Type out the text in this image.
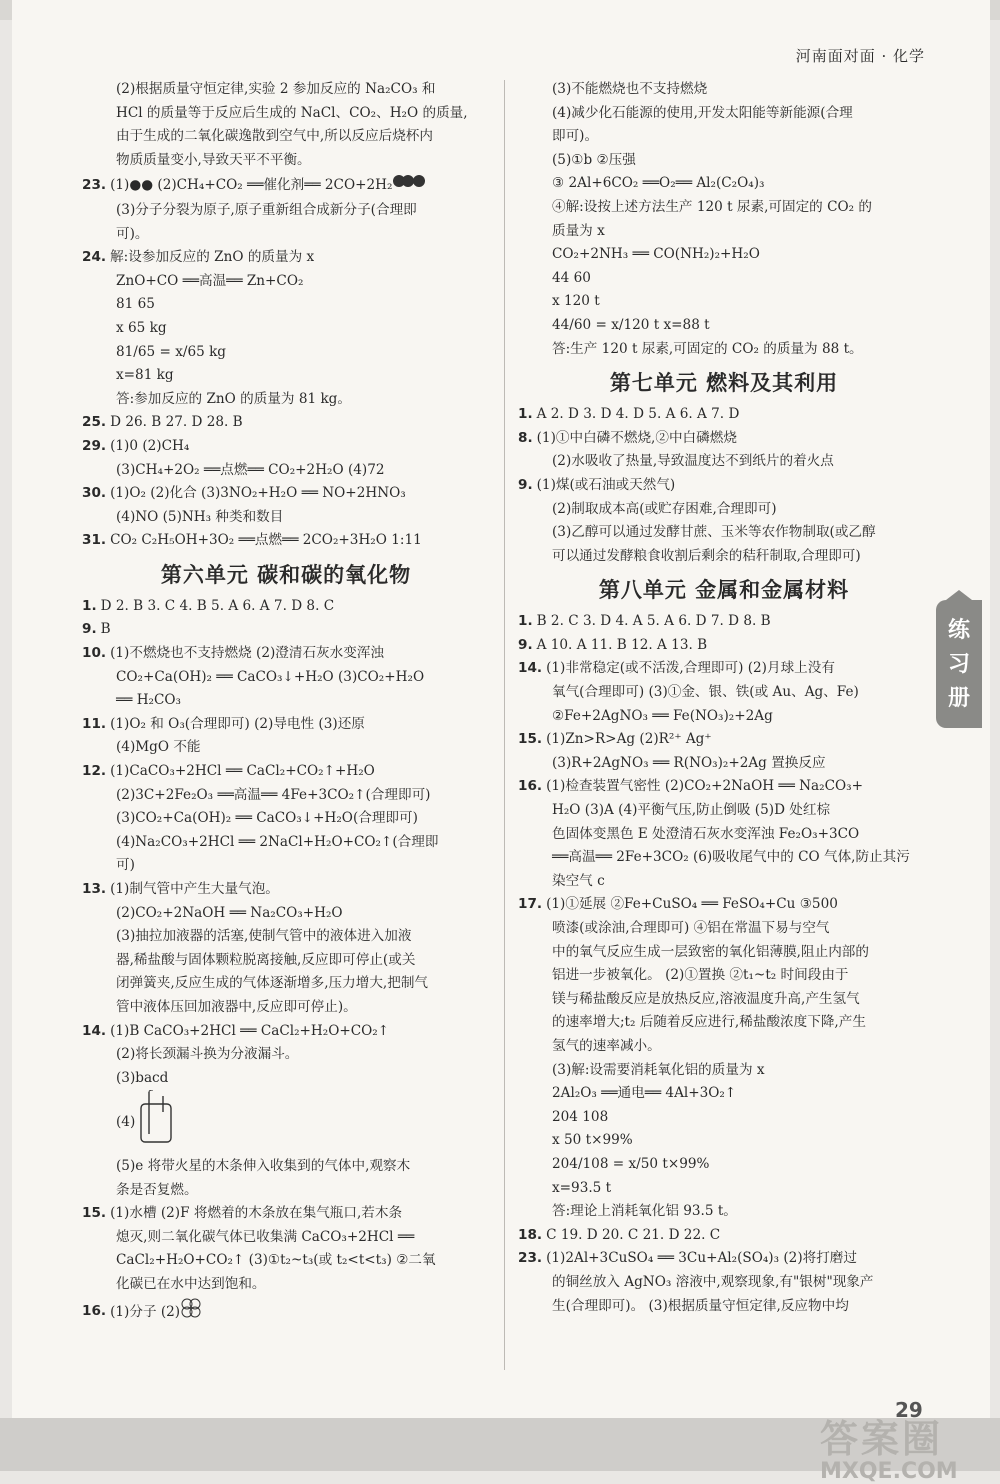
河南面对面 · 化学
(2)根据质量守恒定律,实验 2 参加反应的 Na₂CO₃ 和
HCl 的质量等于反应后生成的 NaCl、CO₂、H₂O 的质量,
由于生成的二氧化碳逸散到空气中,所以反应后烧杯内
物质质量变小,导致天平不平衡。
23. (1)●● (2)CH₄+CO₂ ══催化剂══ 2CO+2H₂
(3)分子分裂为原子,原子重新组合成新分子(合理即
可)。
24. 解:设参加反应的 ZnO 的质量为 x
ZnO+CO ══高温══ Zn+CO₂
81 65
x 65 kg
81/65 = x/65 kg
x=81 kg
答:参加反应的 ZnO 的质量为 81 kg。
25. D 26. B 27. D 28. B
29. (1)0 (2)CH₄
(3)CH₄+2O₂ ══点燃══ CO₂+2H₂O (4)72
30. (1)O₂ (2)化合 (3)3NO₂+H₂O ══ NO+2HNO₃
(4)NO (5)NH₃ 种类和数目
31. CO₂ C₂H₅OH+3O₂ ══点燃══ 2CO₂+3H₂O 1:11
第六单元 碳和碳的氧化物
1. D 2. B 3. C 4. B 5. A 6. A 7. D 8. C
9. B
10. (1)不燃烧也不支持燃烧 (2)澄清石灰水变浑浊
CO₂+Ca(OH)₂ ══ CaCO₃↓+H₂O (3)CO₂+H₂O
══ H₂CO₃
11. (1)O₂ 和 O₃(合理即可) (2)导电性 (3)还原
(4)MgO 不能
12. (1)CaCO₃+2HCl ══ CaCl₂+CO₂↑+H₂O
(2)3C+2Fe₂O₃ ══高温══ 4Fe+3CO₂↑(合理即可)
(3)CO₂+Ca(OH)₂ ══ CaCO₃↓+H₂O(合理即可)
(4)Na₂CO₃+2HCl ══ 2NaCl+H₂O+CO₂↑(合理即
可)
13. (1)制气管中产生大量气泡。
(2)CO₂+2NaOH ══ Na₂CO₃+H₂O
(3)抽拉加液器的活塞,使制气管中的液体进入加液
器,稀盐酸与固体颗粒脱离接触,反应即可停止(或关
闭弹簧夹,反应生成的气体逐渐增多,压力增大,把制气
管中液体压回加液器中,反应即可停止)。
14. (1)B CaCO₃+2HCl ══ CaCl₂+H₂O+CO₂↑
(2)将长颈漏斗换为分液漏斗。
(3)bacd
(4)
(5)e 将带火星的木条伸入收集到的气体中,观察木
条是否复燃。
15. (1)水槽 (2)F 将燃着的木条放在集气瓶口,若木条
熄灭,则二氧化碳气体已收集满 CaCO₃+2HCl ══
CaCl₂+H₂O+CO₂↑ (3)①t₂~t₃(或 t₂<t<t₃) ②二氧
化碳已在水中达到饱和。
16. (1)分子 (2)
(3)不能燃烧也不支持燃烧
(4)减少化石能源的使用,开发太阳能等新能源(合理
即可)。
(5)①b ②压强
③ 2Al+6CO₂ ══O₂══ Al₂(C₂O₄)₃
④解:设按上述方法生产 120 t 尿素,可固定的 CO₂ 的
质量为 x
CO₂+2NH₃ ══ CO(NH₂)₂+H₂O
44 60
x 120 t
44/60 = x/120 t x=88 t
答:生产 120 t 尿素,可固定的 CO₂ 的质量为 88 t。
第七单元 燃料及其利用
1. A 2. D 3. D 4. D 5. A 6. A 7. D
8. (1)①中白磷不燃烧,②中白磷燃烧
(2)水吸收了热量,导致温度达不到纸片的着火点
9. (1)煤(或石油或天然气)
(2)制取成本高(或贮存困难,合理即可)
(3)乙醇可以通过发酵甘蔗、玉米等农作物制取(或乙醇
可以通过发酵粮食收割后剩余的秸秆制取,合理即可)
第八单元 金属和金属材料
1. B 2. C 3. D 4. A 5. A 6. D 7. D 8. B
9. A 10. A 11. B 12. A 13. B
14. (1)非常稳定(或不活泼,合理即可) (2)月球上没有
氧气(合理即可) (3)①金、银、铁(或 Au、Ag、Fe)
②Fe+2AgNO₃ ══ Fe(NO₃)₂+2Ag
15. (1)Zn>R>Ag (2)R²⁺ Ag⁺
(3)R+2AgNO₃ ══ R(NO₃)₂+2Ag 置换反应
16. (1)检查装置气密性 (2)CO₂+2NaOH ══ Na₂CO₃+
H₂O (3)A (4)平衡气压,防止倒吸 (5)D 处红棕
色固体变黑色 E 处澄清石灰水变浑浊 Fe₂O₃+3CO
══高温══ 2Fe+3CO₂ (6)吸收尾气中的 CO 气体,防止其污
染空气 c
17. (1)①延展 ②Fe+CuSO₄ ══ FeSO₄+Cu ③500
喷漆(或涂油,合理即可) ④铝在常温下易与空气
中的氧气反应生成一层致密的氧化铝薄膜,阻止内部的
铝进一步被氧化。 (2)①置换 ②t₁~t₂ 时间段由于
镁与稀盐酸反应是放热反应,溶液温度升高,产生氢气
的速率增大;t₂ 后随着反应进行,稀盐酸浓度下降,产生
氢气的速率减小。
(3)解:设需要消耗氧化铝的质量为 x
2Al₂O₃ ══通电══ 4Al+3O₂↑
204 108
x 50 t×99%
204/108 = x/50 t×99%
x=93.5 t
答:理论上消耗氧化铝 93.5 t。
18. C 19. D 20. C 21. D 22. C
23. (1)2Al+3CuSO₄ ══ 3Cu+Al₂(SO₄)₃ (2)将打磨过
的铜丝放入 AgNO₃ 溶液中,观察现象,有"银树"现象产
生(合理即可)。 (3)根据质量守恒定律,反应物中均
练
习
册
29
答案圈
MXQE.COM
